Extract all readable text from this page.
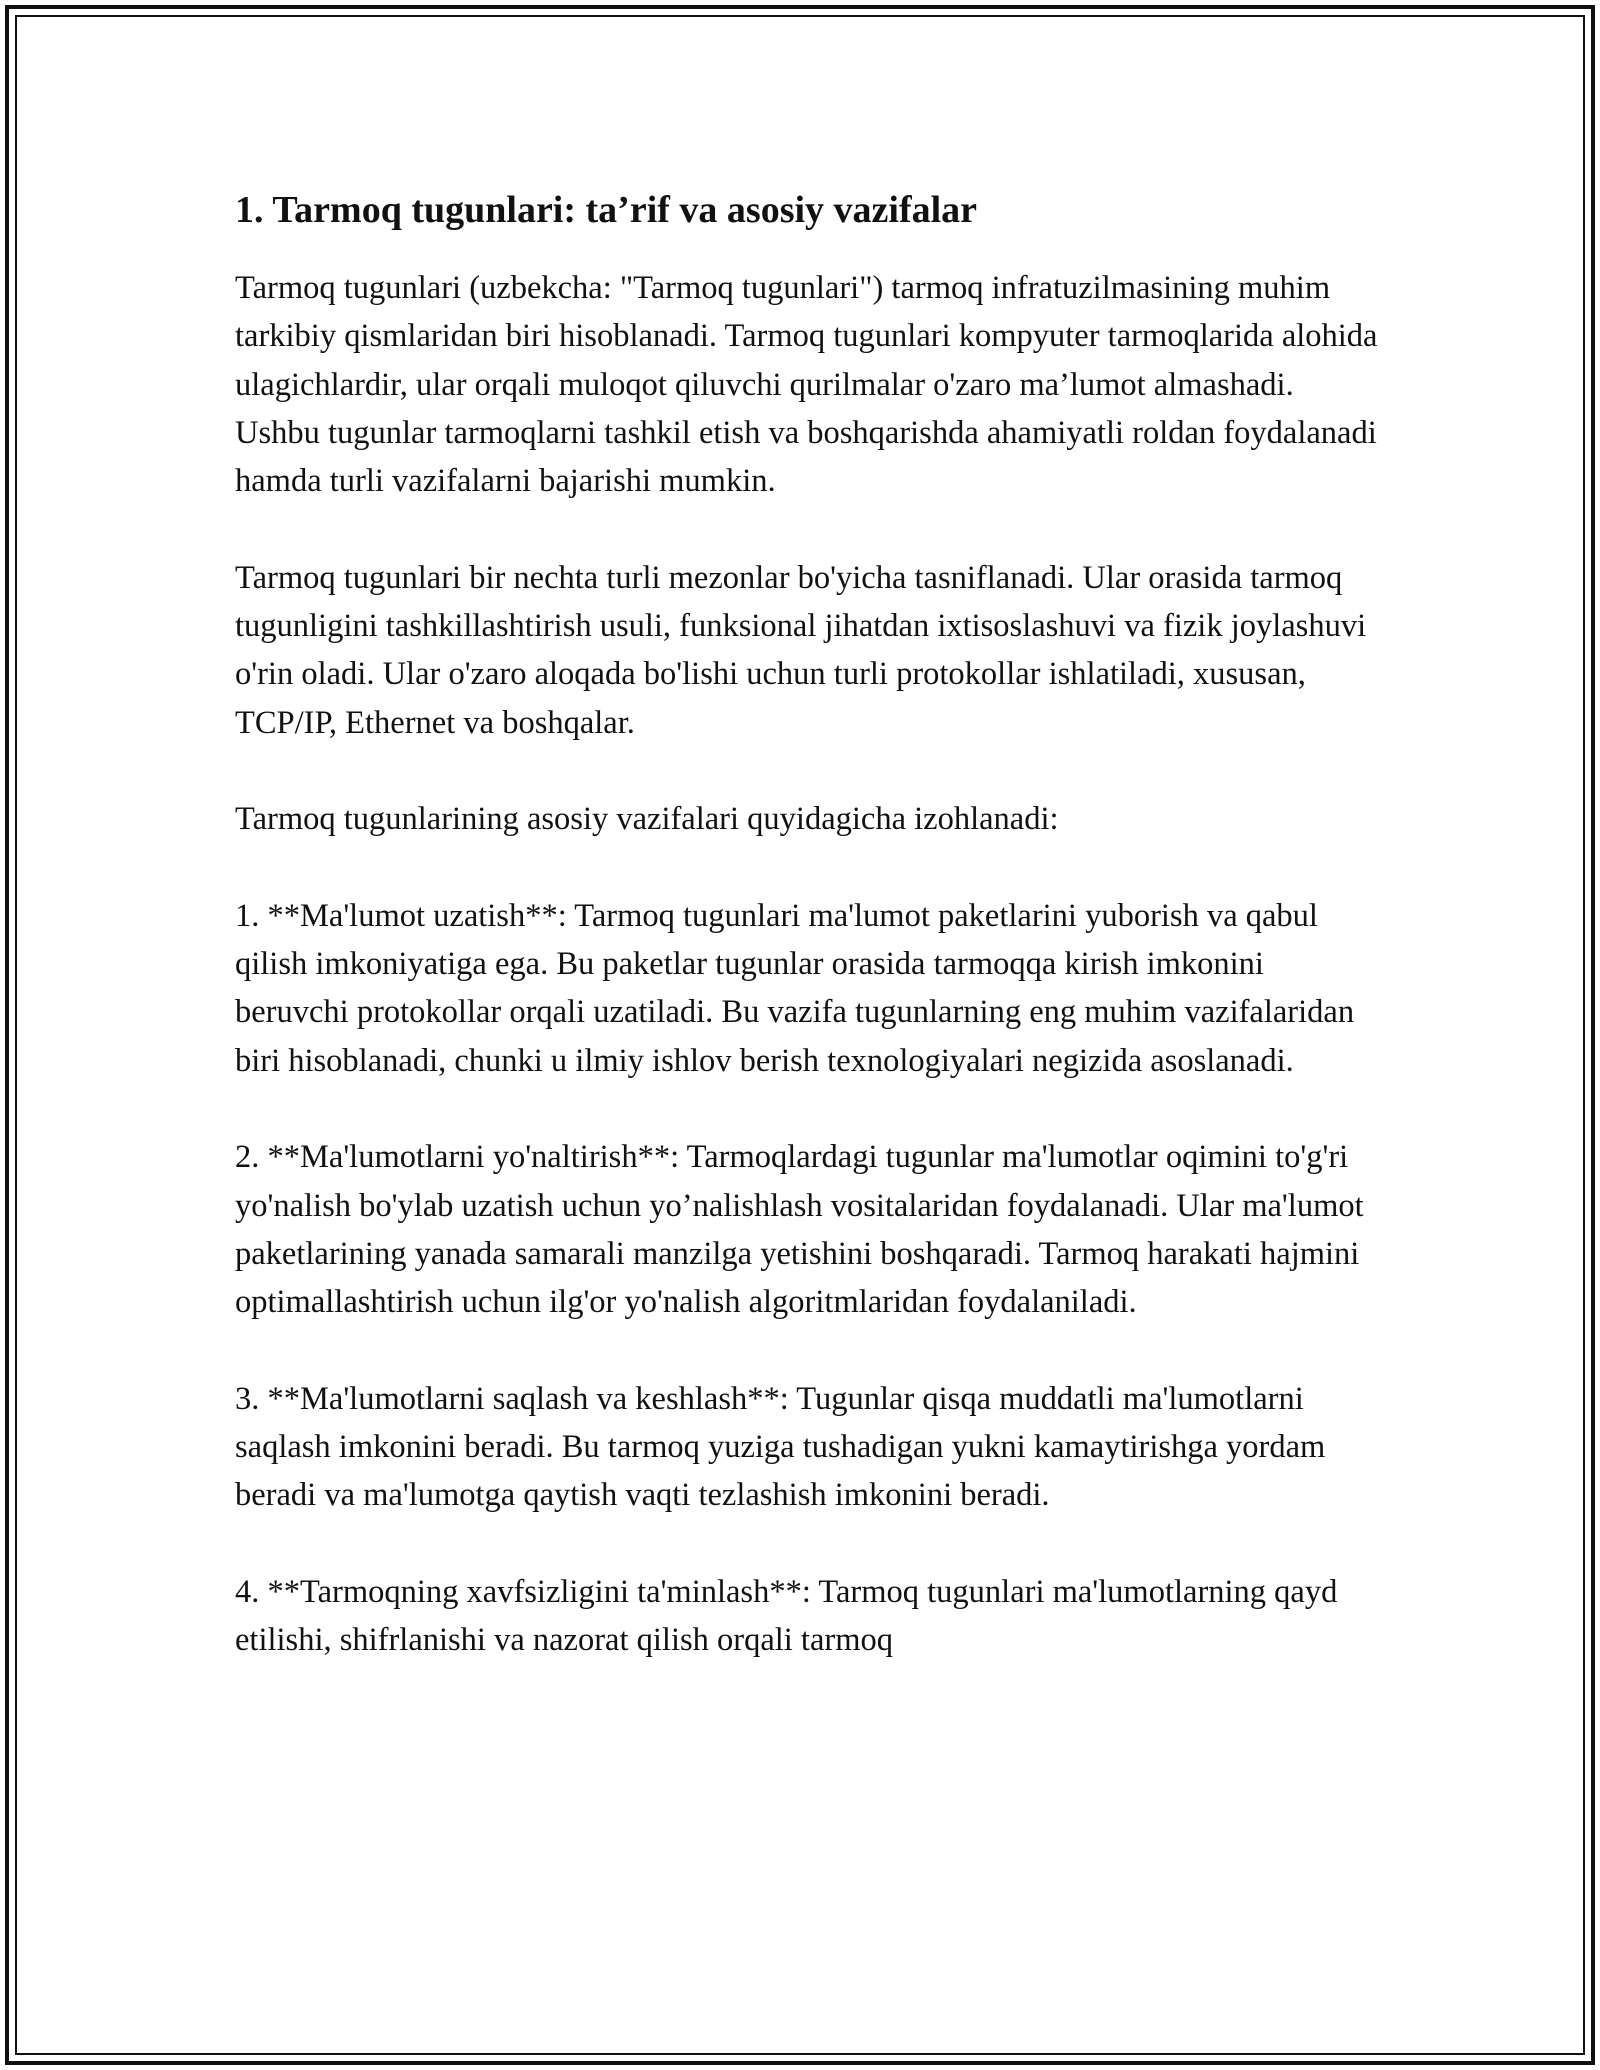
1. Tarmoq tugunlari: ta’rif va asosiy vazifalar

Tarmoq tugunlari (uzbekcha: "Tarmoq tugunlari") tarmoq infratuzilmasining muhim tarkibiy qismlaridan biri hisoblanadi. Tarmoq tugunlari kompyuter tarmoqlarida alohida ulagichlardir, ular orqali muloqot qiluvchi qurilmalar o'zaro ma’lumot almashadi. Ushbu tugunlar tarmoqlarni tashkil etish va boshqarishda ahamiyatli roldan foydalanadi hamda turli vazifalarni bajarishi mumkin.

Tarmoq tugunlari bir nechta turli mezonlar bo'yicha tasniflanadi. Ular orasida tarmoq tugunligini tashkillashtirish usuli, funksional jihatdan ixtisoslashuvi va fizik joylashuvi o'rin oladi. Ular o'zaro aloqada bo'lishi uchun turli protokollar ishlatiladi, xususan, TCP/IP, Ethernet va boshqalar.

Tarmoq tugunlarining asosiy vazifalari quyidagicha izohlanadi:

1. **Ma'lumot uzatish**: Tarmoq tugunlari ma'lumot paketlarini yuborish va qabul qilish imkoniyatiga ega. Bu paketlar tugunlar orasida tarmoqqa kirish imkonini beruvchi protokollar orqali uzatiladi. Bu vazifa tugunlarning eng muhim vazifalaridan biri hisoblanadi, chunki u ilmiy ishlov berish texnologiyalari negizida asoslanadi.

2. **Ma'lumotlarni yo'naltirish**: Tarmoqlardagi tugunlar ma'lumotlar oqimini to'g'ri yo'nalish bo'ylab uzatish uchun yo’nalishlash vositalaridan foydalanadi. Ular ma'lumot paketlarining yanada samarali manzilga yetishini boshqaradi. Tarmoq harakati hajmini optimallashtirish uchun ilg'or yo'nalish algoritmlaridan foydalaniladi.

3. **Ma'lumotlarni saqlash va keshlash**: Tugunlar qisqa muddatli ma'lumotlarni saqlash imkonini beradi. Bu tarmoq yuziga tushadigan yukni kamaytirishga yordam beradi va ma'lumotga qaytish vaqti tezlashish imkonini beradi.

4. **Tarmoqning xavfsizligini ta'minlash**: Tarmoq tugunlari ma'lumotlarning qayd etilishi, shifrlanishi va nazorat qilish orqali tarmoq
